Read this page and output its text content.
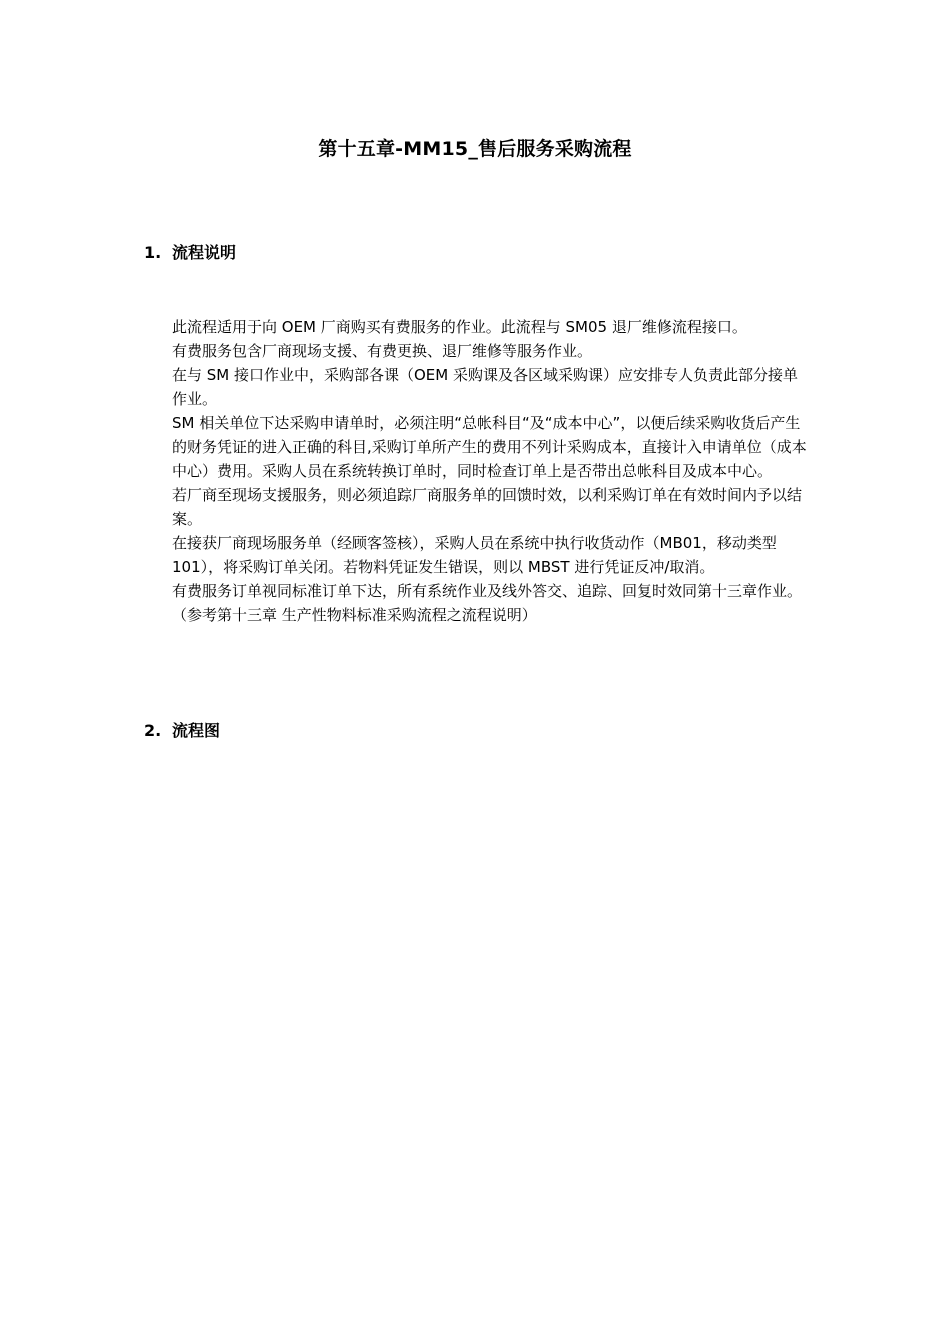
第十五章-MM15_售后服务采购流程
1. 流程说明

此流程适用于向 OEM 厂商购买有费服务的作业。此流程与 SM05 退厂维修流程接口。

有费服务包含厂商现场支援、有费更换、退厂维修等服务作业。

在与 SM 接口作业中，采购部各课（OEM 采购课及各区域采购课）应安排专人负责此部分接单作业。

SM 相关单位下达采购申请单时，必须注明“总帐科目“及“成本中心”，以便后续采购收货后产生的财务凭证的进入正确的科目,采购订单所产生的费用不列计采购成本，直接计入申请单位（成本中心）费用。采购人员在系统转换订单时，同时检查订单上是否带出总帐科目及成本中心。

若厂商至现场支援服务，则必须追踪厂商服务单的回馈时效，以利采购订单在有效时间内予以结案。

在接获厂商现场服务单（经顾客签核），采购人员在系统中执行收货动作（MB01，移动类型 101），将采购订单关闭。若物料凭证发生错误，则以 MBST 进行凭证反冲/取消。

有费服务订单视同标准订单下达，所有系统作业及线外答交、追踪、回复时效同第十三章作业。

（参考第十三章 生产性物料标准采购流程之流程说明）

2. 流程图
